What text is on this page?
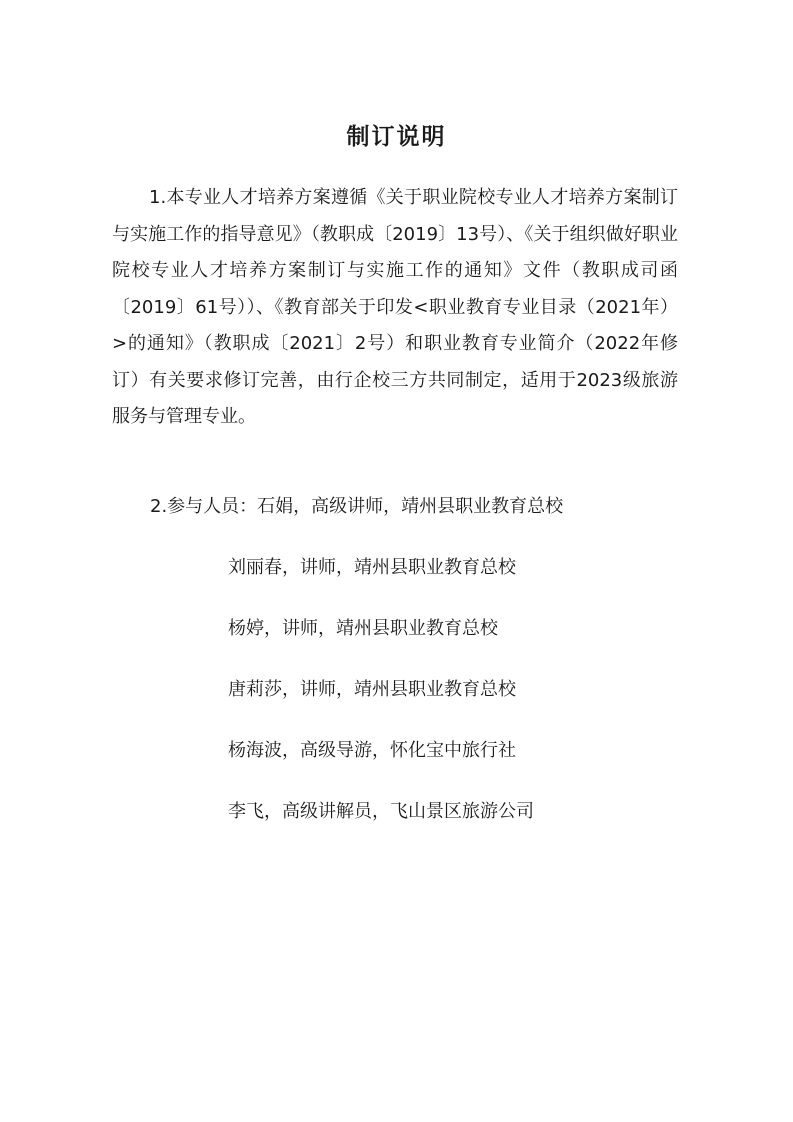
制订说明

1.本专业人才培养方案遵循《关于职业院校专业人才培养方案制订与实施工作的指导意见》（教职成〔2019〕13号）、《关于组织做好职业院校专业人才培养方案制订与实施工作的通知》文件（教职成司函〔2019〕61号））、《教育部关于印发<职业教育专业目录（2021年）>的通知》（教职成〔2021〕2号）和职业教育专业简介（2022年修订）有关要求修订完善，由行企校三方共同制定，适用于2023级旅游服务与管理专业。

2.参与人员：石娟，高级讲师，靖州县职业教育总校
刘丽春，讲师，靖州县职业教育总校
杨婷，讲师，靖州县职业教育总校
唐莉莎，讲师，靖州县职业教育总校
杨海波，高级导游，怀化宝中旅行社
李飞，高级讲解员，飞山景区旅游公司
